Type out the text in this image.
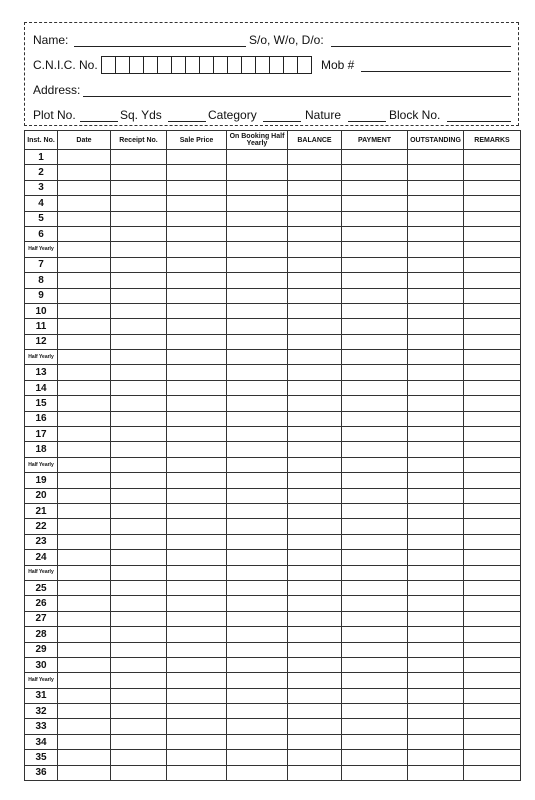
Name:	S/o, W/o, D/o:
C.N.I.C. No.	Mob #
Address:
Plot No.	Sq. Yds	Category	Nature	Block No.
Inst. No.	Date	Receipt No.	Sale Price	On Booking Half Yearly	BALANCE	PAYMENT	OUTSTANDING	REMARKS
1								
2								
3								
4								
5								
6								
Half Yearly								
7								
8								
9								
10								
11								
12								
Half Yearly								
13								
14								
15								
16								
17								
18								
Half Yearly								
19								
20								
21								
22								
23								
24								
Half Yearly								
25								
26								
27								
28								
29								
30								
Half Yearly								
31								
32								
33								
34								
35								
36								
